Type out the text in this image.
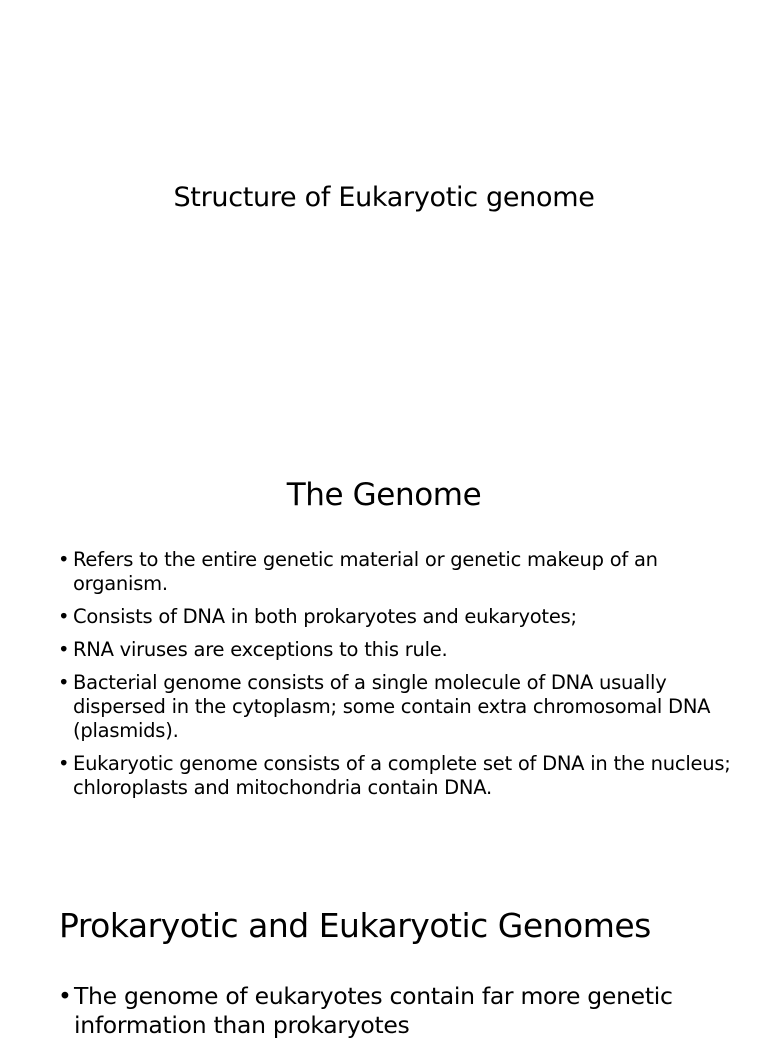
Structure of Eukaryotic genome
The Genome
• Refers to the entire genetic material or genetic makeup of an organism.
• Consists of DNA in both prokaryotes and eukaryotes;
• RNA viruses are exceptions to this rule.
• Bacterial genome consists of a single molecule of DNA usually dispersed in the cytoplasm; some contain extra chromosomal DNA (plasmids).
• Eukaryotic genome consists of a complete set of DNA in the nucleus; chloroplasts and mitochondria contain DNA.
Prokaryotic and Eukaryotic Genomes
• The genome of eukaryotes contain far more genetic information than prokaryotes
